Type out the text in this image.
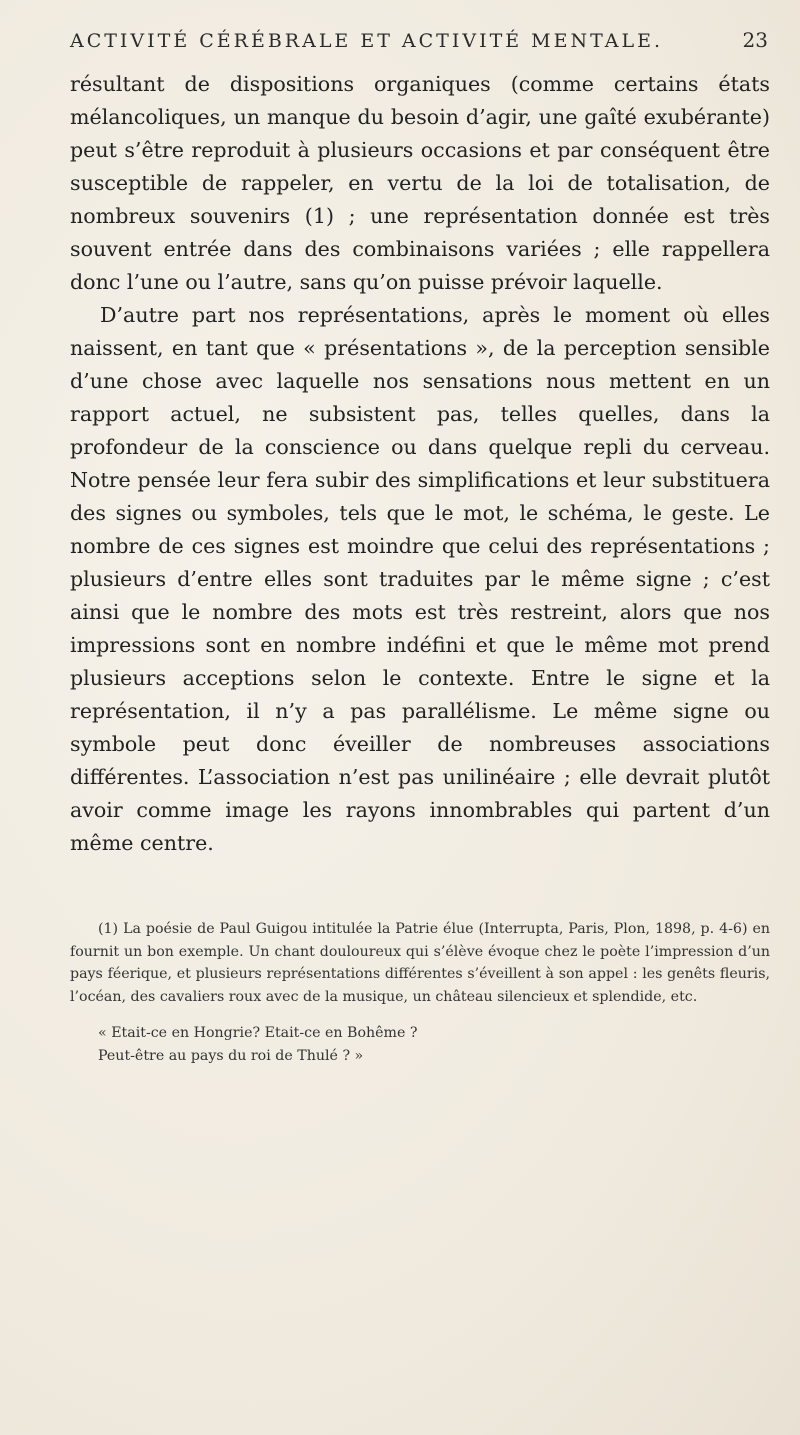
ACTIVITÉ CÉRÉBRALE ET ACTIVITÉ MENTALE.	23

résultant de dispositions organiques (comme certains états mélancoliques, un manque du besoin d’agir, une gaîté exubérante) peut s’être reproduit à plusieurs occasions et par conséquent être susceptible de rappeler, en vertu de la loi de totalisation, de nombreux souvenirs (1) ; une représentation donnée est très souvent entrée dans des combinaisons variées ; elle rappellera donc l’une ou l’autre, sans qu’on puisse prévoir laquelle.

D’autre part nos représentations, après le moment où elles naissent, en tant que « présentations », de la perception sensible d’une chose avec laquelle nos sensations nous mettent en un rapport actuel, ne subsistent pas, telles quelles, dans la profondeur de la conscience ou dans quelque repli du cerveau. Notre pensée leur fera subir des simplifications et leur substituera des signes ou symboles, tels que le mot, le schéma, le geste. Le nombre de ces signes est moindre que celui des représentations ; plusieurs d’entre elles sont traduites par le même signe ; c’est ainsi que le nombre des mots est très restreint, alors que nos impressions sont en nombre indéfini et que le même mot prend plusieurs acceptions selon le contexte. Entre le signe et la représentation, il n’y a pas parallélisme. Le même signe ou symbole peut donc éveiller de nombreuses associations différentes. L’association n’est pas unilinéaire ; elle devrait plutôt avoir comme image les rayons innombrables qui partent d’un même centre.

(1) La poésie de Paul Guigou intitulée la Patrie élue (Interrupta, Paris, Plon, 1898, p. 4-6) en fournit un bon exemple. Un chant douloureux qui s’élève évoque chez le poète l’impression d’un pays féerique, et plusieurs représentations différentes s’éveillent à son appel : les genêts fleuris, l’océan, des cavaliers roux avec de la musique, un château silencieux et splendide, etc.

« Etait-ce en Hongrie? Etait-ce en Bohême ?
Peut-être au pays du roi de Thulé ? »
